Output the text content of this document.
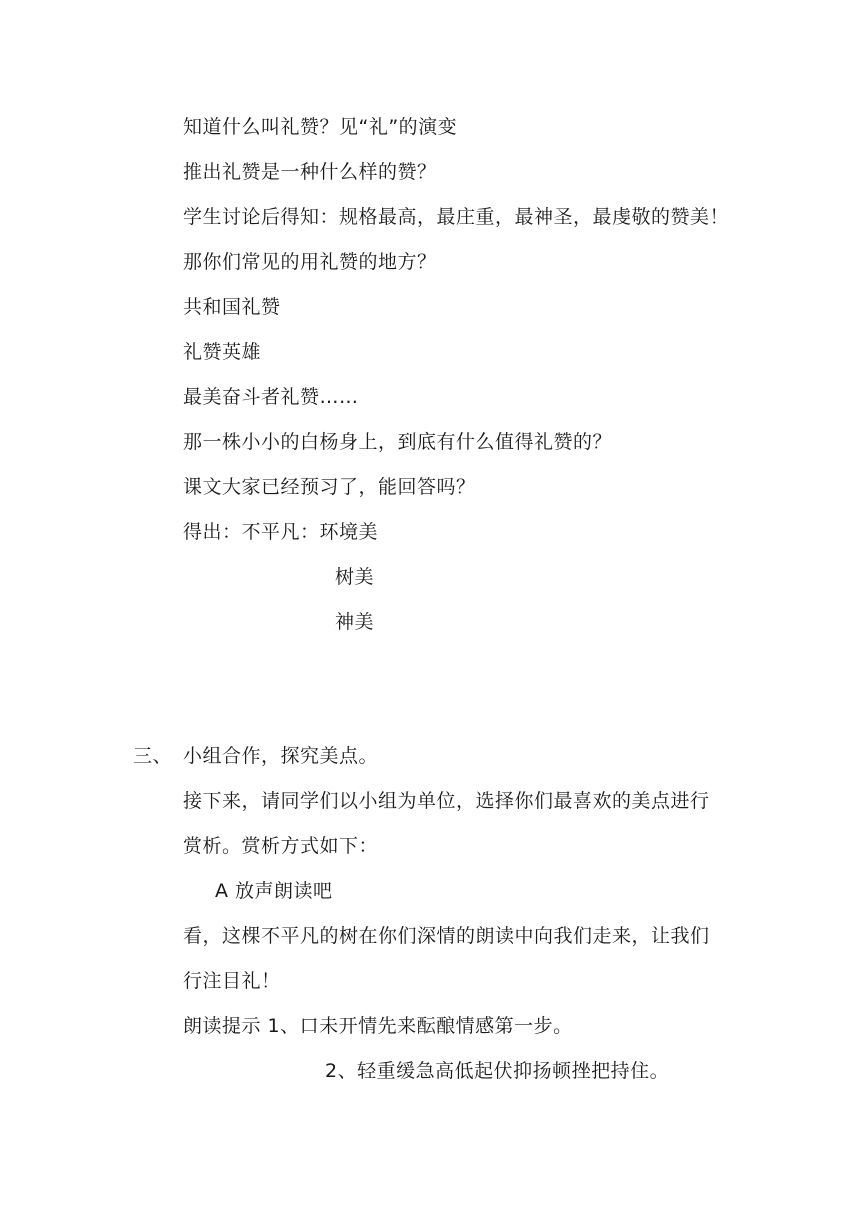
知道什么叫礼赞？见“礼”的演变
推出礼赞是一种什么样的赞？
学生讨论后得知：规格最高，最庄重，最神圣，最虔敬的赞美！
那你们常见的用礼赞的地方？
共和国礼赞
礼赞英雄
最美奋斗者礼赞……
那一株小小的白杨身上，到底有什么值得礼赞的？
课文大家已经预习了，能回答吗？
得出：不平凡：环境美
树美
神美
三、 小组合作，探究美点。
接下来，请同学们以小组为单位，选择你们最喜欢的美点进行
赏析。赏析方式如下：
A 放声朗读吧
看，这棵不平凡的树在你们深情的朗读中向我们走来，让我们
行注目礼！
朗读提示 1、口未开情先来酝酿情感第一步。
2、轻重缓急高低起伏抑扬顿挫把持住。
